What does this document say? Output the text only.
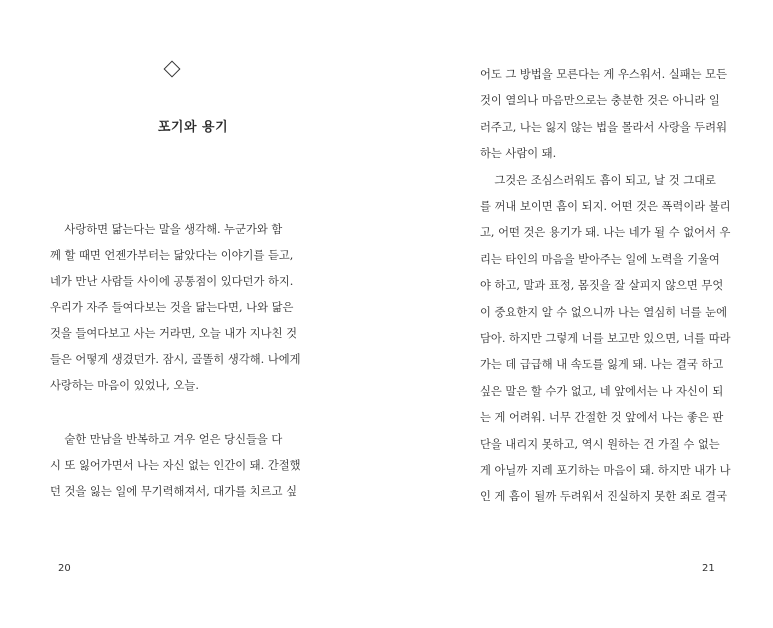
포기와 용기
사랑하면 닮는다는 말을 생각해. 누군가와 함
께 할 때면 언젠가부터는 닮았다는 이야기를 듣고,
네가 만난 사람들 사이에 공통점이 있다던가 하지.
우리가 자주 들여다보는 것을 닮는다면, 나와 닮은
것을 들여다보고 사는 거라면, 오늘 내가 지나친 것
들은 어떻게 생겼던가. 잠시, 골똘히 생각해. 나에게
사랑하는 마음이 있었나, 오늘.
숱한 만남을 반복하고 겨우 얻은 당신들을 다
시 또 잃어가면서 나는 자신 없는 인간이 돼. 간절했
던 것을 잃는 일에 무기력해져서, 대가를 치르고 싶
20
어도 그 방법을 모른다는 게 우스워서. 실패는 모든
것이 열의나 마음만으로는 충분한 것은 아니라 일
러주고, 나는 잃지 않는 법을 몰라서 사랑을 두려워
하는 사람이 돼.
그것은 조심스러워도 흠이 되고, 날 것 그대로
를 꺼내 보이면 흠이 되지. 어떤 것은 폭력이라 불리
고, 어떤 것은 용기가 돼. 나는 네가 될 수 없어서 우
리는 타인의 마음을 받아주는 일에 노력을 기울여
야 하고, 말과 표정, 몸짓을 잘 살피지 않으면 무엇
이 중요한지 알 수 없으니까 나는 열심히 너를 눈에
담아. 하지만 그렇게 너를 보고만 있으면, 너를 따라
가는 데 급급해 내 속도를 잃게 돼. 나는 결국 하고
싶은 말은 할 수가 없고, 네 앞에서는 나 자신이 되
는 게 어려워. 너무 간절한 것 앞에서 나는 좋은 판
단을 내리지 못하고, 역시 원하는 건 가질 수 없는
게 아닐까 지레 포기하는 마음이 돼. 하지만 내가 나
인 게 흠이 될까 두려워서 진실하지 못한 죄로 결국
21
